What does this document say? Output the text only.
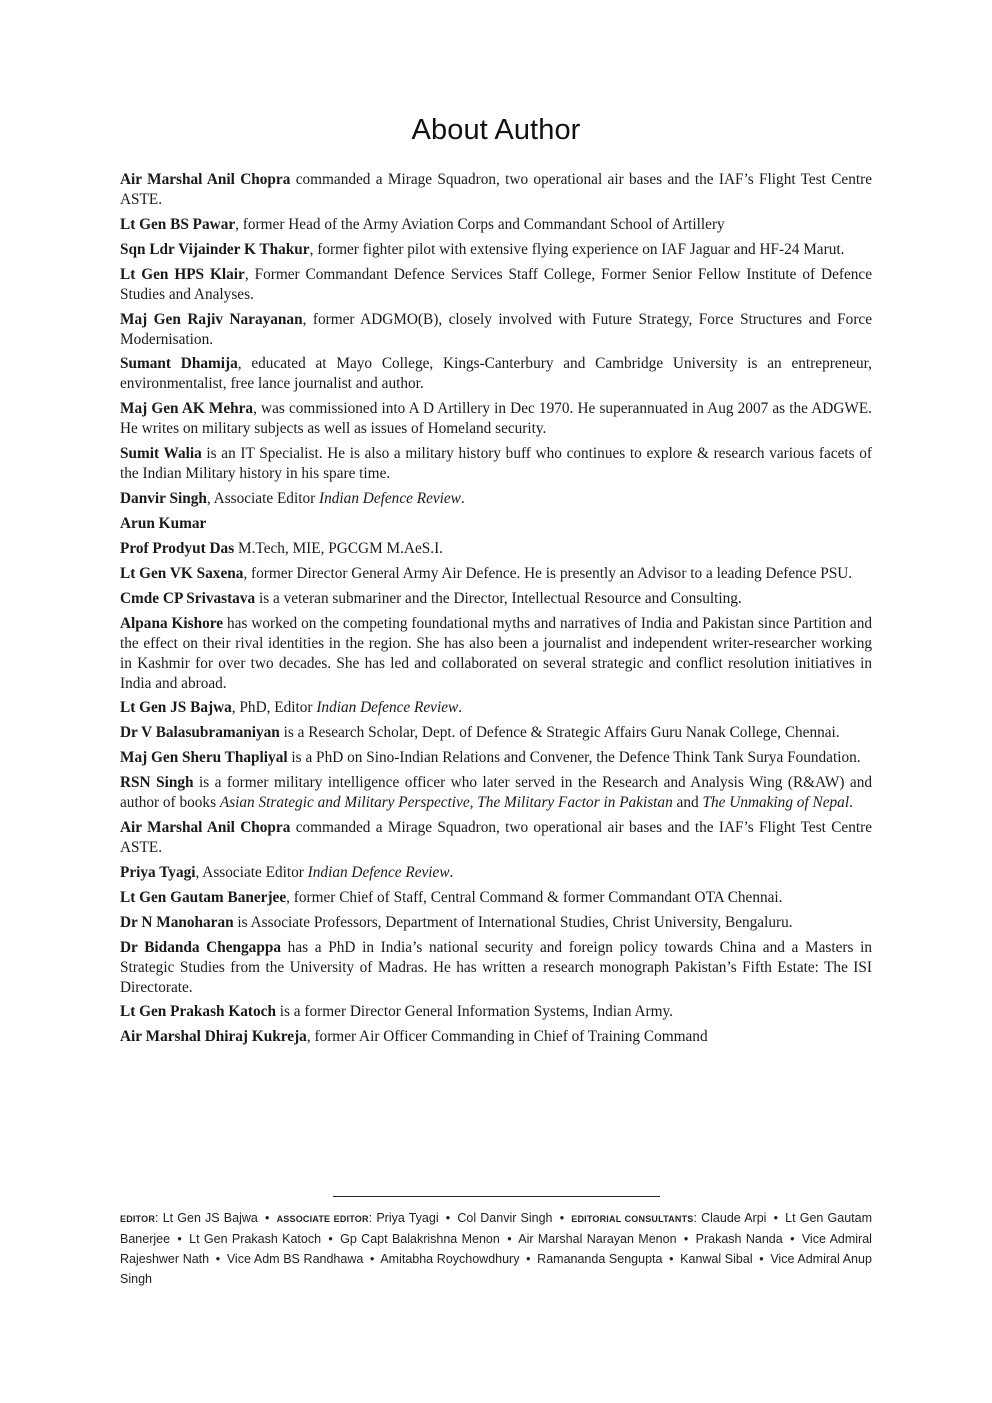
About Author

Air Marshal Anil Chopra commanded a Mirage Squadron, two operational air bases and the IAF’s Flight Test Centre ASTE.

Lt Gen BS Pawar, former Head of the Army Aviation Corps and Commandant School of Artillery

Sqn Ldr Vijainder K Thakur, former fighter pilot with extensive flying experience on IAF Jaguar and HF-24 Marut.

Lt Gen HPS Klair, Former Commandant Defence Services Staff College, Former Senior Fellow Institute of Defence Studies and Analyses.

Maj Gen Rajiv Narayanan, former ADGMO(B), closely involved with Future Strategy, Force Structures and Force Modernisation.

Sumant Dhamija, educated at Mayo College, Kings-Canterbury and Cambridge University is an entrepreneur, environmentalist, free lance journalist and author.

Maj Gen AK Mehra, was commissioned into A D Artillery in Dec 1970. He superannuated in Aug 2007 as the ADGWE. He writes on military subjects as well as issues of Homeland security.

Sumit Walia is an IT Specialist. He is also a military history buff who continues to explore & research various facets of the Indian Military history in his spare time.

Danvir Singh, Associate Editor Indian Defence Review.

Arun Kumar

Prof Prodyut Das M.Tech, MIE, PGCGM M.AeS.I.

Lt Gen VK Saxena, former Director General Army Air Defence. He is presently an Advisor to a leading Defence PSU.

Cmde CP Srivastava is a veteran submariner and the Director, Intellectual Resource and Consulting.

Alpana Kishore has worked on the competing foundational myths and narratives of India and Pakistan since Partition and the effect on their rival identities in the region. She has also been a journalist and independent writer-researcher working in Kashmir for over two decades. She has led and collaborated on several strategic and conflict resolution initiatives in India and abroad.

Lt Gen JS Bajwa, PhD, Editor Indian Defence Review.

Dr V Balasubramaniyan is a Research Scholar, Dept. of Defence & Strategic Affairs Guru Nanak College, Chennai.

Maj Gen Sheru Thapliyal is a PhD on Sino-Indian Relations and Convener, the Defence Think Tank Surya Foundation.

RSN Singh is a former military intelligence officer who later served in the Research and Analysis Wing (R&AW) and author of books Asian Strategic and Military Perspective, The Military Factor in Pakistan and The Unmaking of Nepal.

Air Marshal Anil Chopra commanded a Mirage Squadron, two operational air bases and the IAF’s Flight Test Centre ASTE.

Priya Tyagi, Associate Editor Indian Defence Review.

Lt Gen Gautam Banerjee, former Chief of Staff, Central Command & former Commandant OTA Chennai.

Dr N Manoharan is Associate Professors, Department of International Studies, Christ University, Bengaluru.

Dr Bidanda Chengappa has a PhD in India’s national security and foreign policy towards China and a Masters in Strategic Studies from the University of Madras. He has written a research monograph Pakistan’s Fifth Estate: The ISI Directorate.

Lt Gen Prakash Katoch is a former Director General Information Systems, Indian Army.

Air Marshal Dhiraj Kukreja, former Air Officer Commanding in Chief of Training Command

EDITOR: Lt Gen JS Bajwa • ASSOCIATE EDITOR: Priya Tyagi • Col Danvir Singh • EDITORIAL CONSULTANTS: Claude Arpi • Lt Gen Gautam Banerjee • Lt Gen Prakash Katoch • Gp Capt Balakrishna Menon • Air Marshal Narayan Menon • Prakash Nanda • Vice Admiral Rajeshwer Nath • Vice Adm BS Randhawa • Amitabha Roychowdhury • Ramananda Sengupta • Kanwal Sibal • Vice Admiral Anup Singh
